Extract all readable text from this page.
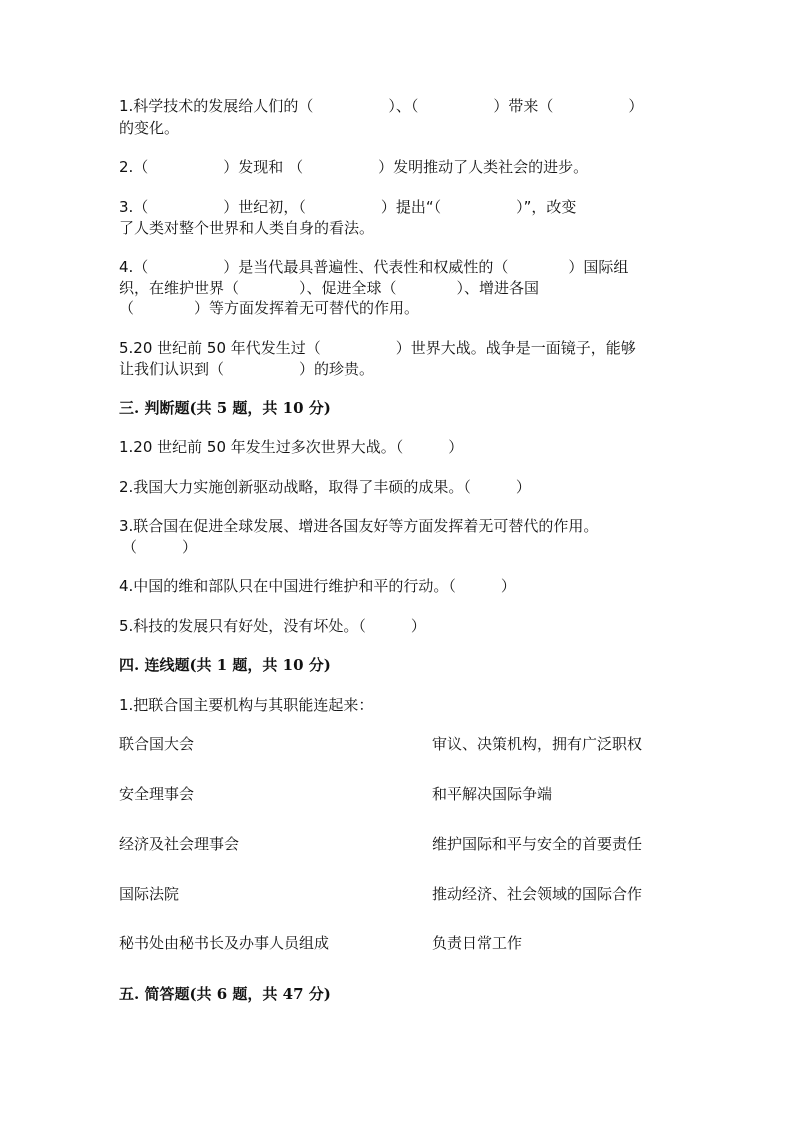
1.科学技术的发展给人们的（　　　　　）、（　　　　　）带来（　　　　　）
的变化。
2.（　　　　　）发现和 （　　　　　）发明推动了人类社会的进步。
3.（　　　　　）世纪初，（　　　　　）提出“（　　　　　）”，改变
了人类对整个世界和人类自身的看法。
4.（　　　　　）是当代最具普遍性、代表性和权威性的（　　　　）国际组
织，在维护世界（　　　　）、促进全球（　　　　）、增进各国
（　　　　）等方面发挥着无可替代的作用。
5.20 世纪前 50 年代发生过（　　　　　）世界大战。战争是一面镜子，能够
让我们认识到（　　　　　）的珍贵。
三. 判断题(共 5 题，共 10 分)
1.20 世纪前 50 年发生过多次世界大战。（　　　）
2.我国大力实施创新驱动战略，取得了丰硕的成果。（　　　）
3.联合国在促进全球发展、增进各国友好等方面发挥着无可替代的作用。
（　　　）
4.中国的维和部队只在中国进行维护和平的行动。（　　　）
5.科技的发展只有好处，没有坏处。（　　　）
四. 连线题(共 1 题，共 10 分)
1.把联合国主要机构与其职能连起来：
联合国大会	审议、决策机构，拥有广泛职权
安全理事会	和平解决国际争端
经济及社会理事会	维护国际和平与安全的首要责任
国际法院	推动经济、社会领域的国际合作
秘书处由秘书长及办事人员组成	负责日常工作
五. 简答题(共 6 题，共 47 分)
